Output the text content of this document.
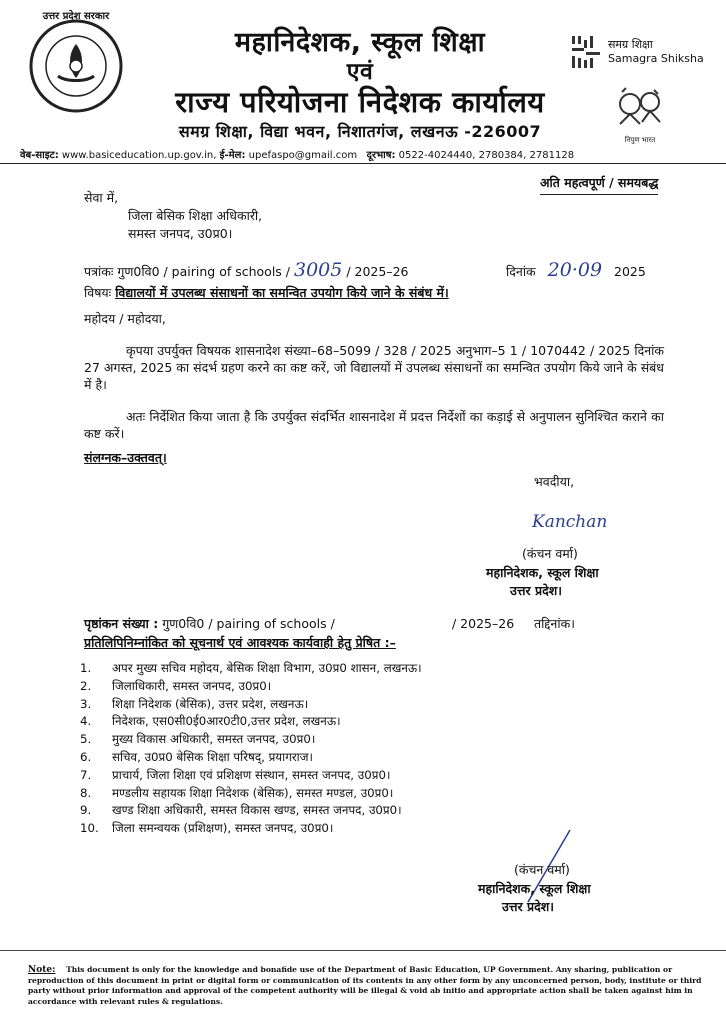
उत्तर प्रदेश सरकार
महानिदेशक, स्कूल शिक्षा
एवं
राज्य परियोजना निदेशक कार्यालय
समग्र शिक्षा, विद्या भवन, निशातगंज, लखनऊ -226007
समग्र शिक्षा
Samagra Shiksha
निपुण भारत
वेब-साइट: www.basiceducation.up.gov.in, ई-मेल: upefaspo@gmail.com दूरभाष: 0522-4024440, 2780384, 2781128
अति महत्वपूर्ण / समयबद्ध
सेवा में,
जिला बेसिक शिक्षा अधिकारी,
समस्त जनपद, उ0प्र0।
पत्रांकः गुण0वि0 / pairing of schools / 3005 / 2025–26	दिनांक 20·09 2025
विषयः विद्यालयों में उपलब्ध संसाधनों का समन्वित उपयोग किये जाने के संबंध में।
महोदय / महोदया,
कृपया उपर्युक्त विषयक शासनादेश संख्या–68–5099 / 328 / 2025 अनुभाग–5 1 / 1070442 / 2025 दिनांक 27 अगस्त, 2025 का संदर्भ ग्रहण करने का कष्ट करें, जो विद्यालयों में उपलब्ध संसाधनों का समन्वित उपयोग किये जाने के संबंध में है।
अतः निर्देशित किया जाता है कि उपर्युक्त संदर्भित शासनादेश में प्रदत्त निर्देशों का कड़ाई से अनुपालन सुनिश्चित कराने का कष्ट करें।
संलग्नक–उक्तवत्।
भवदीया,
Kanchan
(कंचन वर्मा)
महानिदेशक, स्कूल शिक्षा
उत्तर प्रदेश।
पृष्ठांकन संख्या : गुण0वि0 / pairing of schools /	/ 2025–26 तद्दिनांक।
प्रतिलिपिनिम्नांकित को सूचनार्थ एवं आवश्यक कार्यवाही हेतु प्रेषित :–
1. अपर मुख्य सचिव महोदय, बेसिक शिक्षा विभाग, उ0प्र0 शासन, लखनऊ।
2. जिलाधिकारी, समस्त जनपद, उ0प्र0।
3. शिक्षा निदेशक (बेसिक), उत्तर प्रदेश, लखनऊ।
4. निदेशक, एस0सी0ई0आर0टी0,उत्तर प्रदेश, लखनऊ।
5. मुख्य विकास अधिकारी, समस्त जनपद, उ0प्र0।
6. सचिव, उ0प्र0 बेसिक शिक्षा परिषद्, प्रयागराज।
7. प्राचार्य, जिला शिक्षा एवं प्रशिक्षण संस्थान, समस्त जनपद, उ0प्र0।
8. मण्डलीय सहायक शिक्षा निदेशक (बेसिक), समस्त मण्डल, उ0प्र0।
9. खण्ड शिक्षा अधिकारी, समस्त विकास खण्ड, समस्त जनपद, उ0प्र0।
10. जिला समन्वयक (प्रशिक्षण), समस्त जनपद, उ0प्र0।
(कंचन वर्मा)
महानिदेशक, स्कूल शिक्षा
उत्तर प्रदेश।
Note: This document is only for the knowledge and bonafide use of the Department of Basic Education, UP Government. Any sharing, publication or reproduction of this document in print or digital form or communication of its contents in any other form by any unconcerned person, body, institute or third party without prior information and approval of the competent authority will be illegal & void ab initio and appropriate action shall be taken against him in accordance with relevant rules & regulations.
